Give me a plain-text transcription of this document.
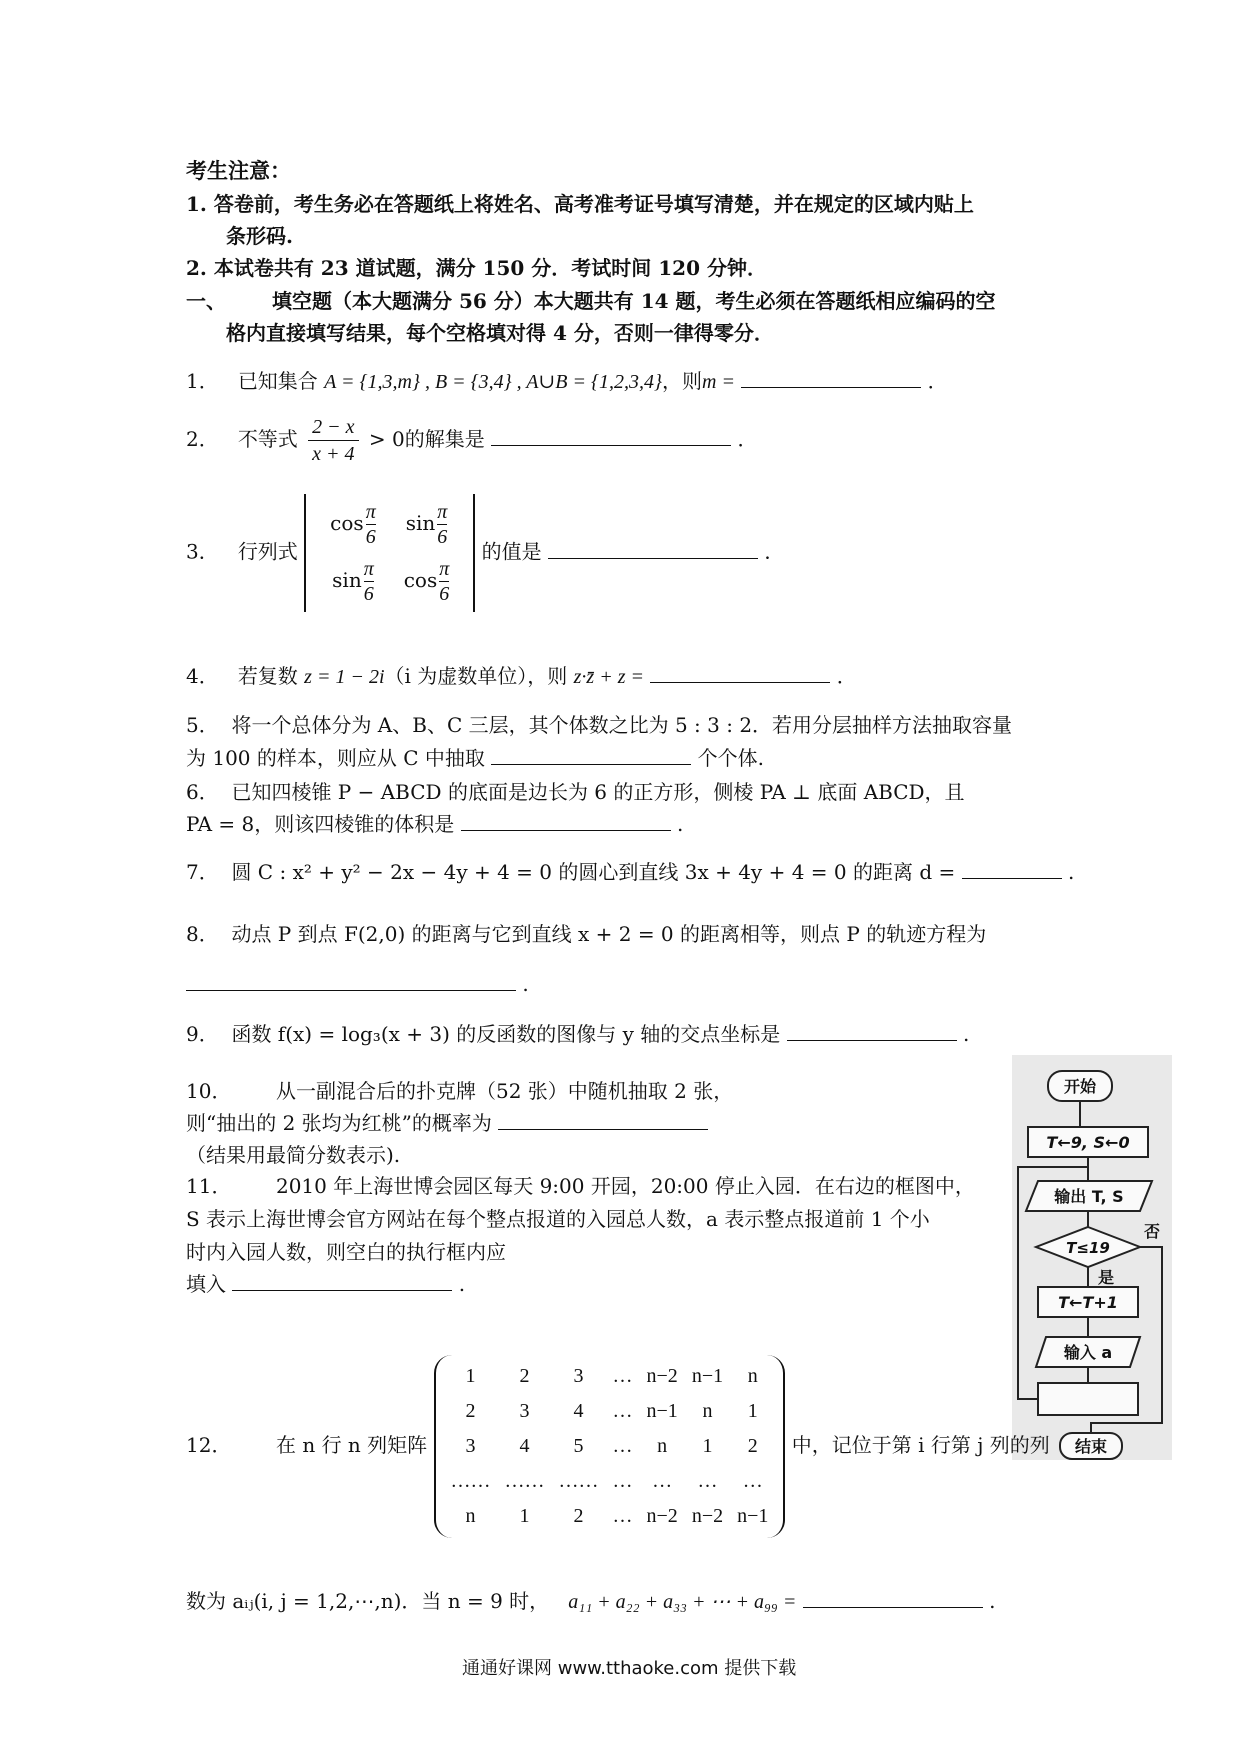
考生注意：
1. 答卷前，考生务必在答题纸上将姓名、高考准考证号填写清楚，并在规定的区域内贴上
条形码.
2. 本试卷共有 23 道试题，满分 150 分．考试时间 120 分钟．
一、 填空题（本大题满分 56 分）本大题共有 14 题，考生必须在答题纸相应编码的空
格内直接填写结果，每个空格填对得 4 分，否则一律得零分．
1． 已知集合 A = {1,3,m} , B = {3,4} , A∪B = {1,2,3,4}，则m =	．
2． 不等式 $\frac{2 - x}{x + 4} > 0$的解集是	．
3． 行列式
$\cos \frac{\pi}{6}$	$\sin \frac{\pi}{6}$

$\sin \frac{\pi}{6}$	$\cos \frac{\pi}{6}$
的值是	．
4． 若复数 z = 1 − 2i（i 为虚数单位），则 z·z̄ + z =	．
5． 将一个总体分为 A、B、C 三层，其个体数之比为 5 : 3 : 2．若用分层抽样方法抽取容量
为 100 的样本，则应从 C 中抽取	个个体.
6． 已知四棱锥 P − ABCD 的底面是边长为 6 的正方形，侧棱 PA ⊥ 底面 ABCD，且
PA = 8，则该四棱锥的体积是	.
7． 圆 C : x² + y² − 2x − 4y + 4 = 0 的圆心到直线 3x + 4y + 4 = 0 的距离 d =	.
8． 动点 P 到点 F(2,0) 的距离与它到直线 x + 2 = 0 的距离相等，则点 P 的轨迹方程为
.
9． 函数 f(x) = log₃(x + 3) 的反函数的图像与 y 轴的交点坐标是	.
10． 从一副混合后的扑克牌（52 张）中随机抽取 2 张，
则“抽出的 2 张均为红桃”的概率为
（结果用最简分数表示).
11． 2010 年上海世博会园区每天 9:00 开园，20:00 停止入园．在右边的框图中，
S 表示上海世博会官方网站在每个整点报道的入园总人数，a 表示整点报道前 1 个小
时内入园人数，则空白的执行框内应
填入	.
开始
T←9, S←0
输出 T, S
T≤19
否
是
T←T+1
输入 a
结束
12． 在 n 行 n 列矩阵
1	2	3	…	n−2	n−1	n
2	3	4	…	n−1	n	1
3	4	5	…	n	1	2
……	……	……	…	…	…	…
n	1	2	…	n−2	n−2	n−1
中，记位于第 i 行第 j 列的列
数为 aᵢⱼ(i, j = 1,2,⋯,n)．当 n = 9 时， a₁₁ + a₂₂ + a₃₃ + ⋯ + a₉₉ =	.
通通好课网 www.tthaoke.com 提供下载
